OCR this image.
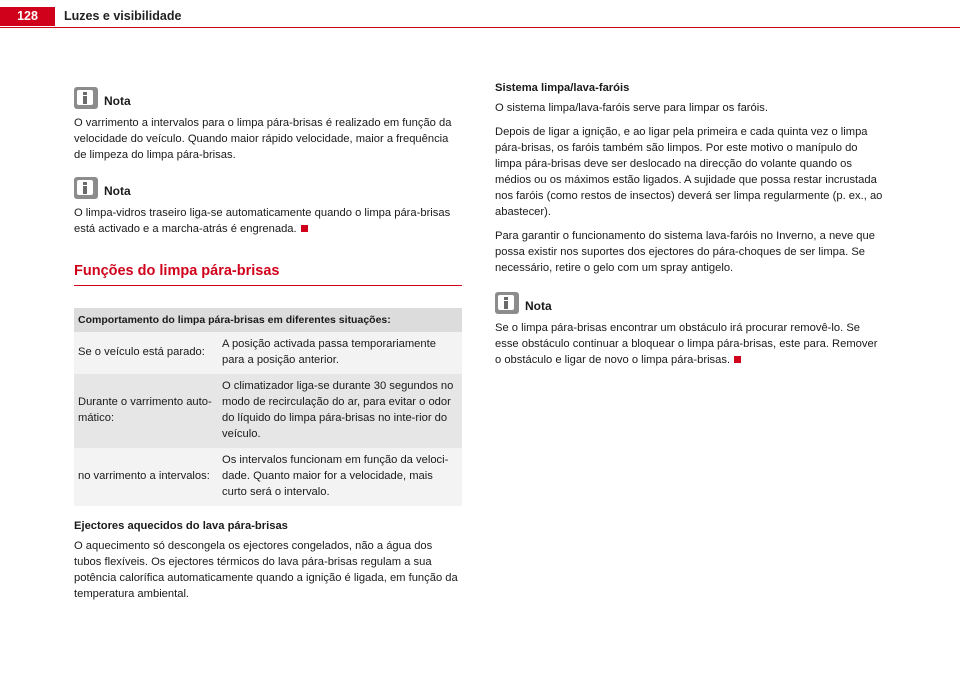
128	Luzes e visibilidade
Nota

O varrimento a intervalos para o limpa pára-brisas é realizado em função da velocidade do veículo. Quando maior rápido velocidade, maior a frequência de limpeza do limpa pára-brisas.

Nota

O limpa-vidros traseiro liga-se automaticamente quando o limpa pára-brisas está activado e a marcha-atrás é engrenada.

Funções do limpa pára-brisas
Comportamento do limpa pára-brisas em diferentes situações:	
Se o veículo está parado:	A posição activada passa temporariamente para a posição anterior.
Durante o varrimento auto-mático:	O climatizador liga-se durante 30 segundos no modo de recirculação do ar, para evitar o odor do líquido do limpa pára-brisas no inte-rior do veículo.
no varrimento a intervalos:	Os intervalos funcionam em função da veloci-dade. Quanto maior for a velocidade, mais curto será o intervalo.
Ejectores aquecidos do lava pára-brisas

O aquecimento só descongela os ejectores congelados, não a água dos tubos flexíveis. Os ejectores térmicos do lava pára-brisas regulam a sua potência calorífica automaticamente quando a ignição é ligada, em função da temperatura ambiental.

Sistema limpa/lava-faróis

O sistema limpa/lava-faróis serve para limpar os faróis.

Depois de ligar a ignição, e ao ligar pela primeira e cada quinta vez o limpa pára-brisas, os faróis também são limpos. Por este motivo o manípulo do limpa pára-brisas deve ser deslocado na direcção do volante quando os médios ou os máximos estão ligados. A sujidade que possa restar incrustada nos faróis (como restos de insectos) deverá ser limpa regularmente (p. ex., ao abastecer).

Para garantir o funcionamento do sistema lava-faróis no Inverno, a neve que possa existir nos suportes dos ejectores do pára-choques de ser limpa. Se necessário, retire o gelo com um spray antigelo.

Nota

Se o limpa pára-brisas encontrar um obstáculo irá procurar removê-lo. Se esse obstáculo continuar a bloquear o limpa pára-brisas, este para. Remover o obstáculo e ligar de novo o limpa pára-brisas.
